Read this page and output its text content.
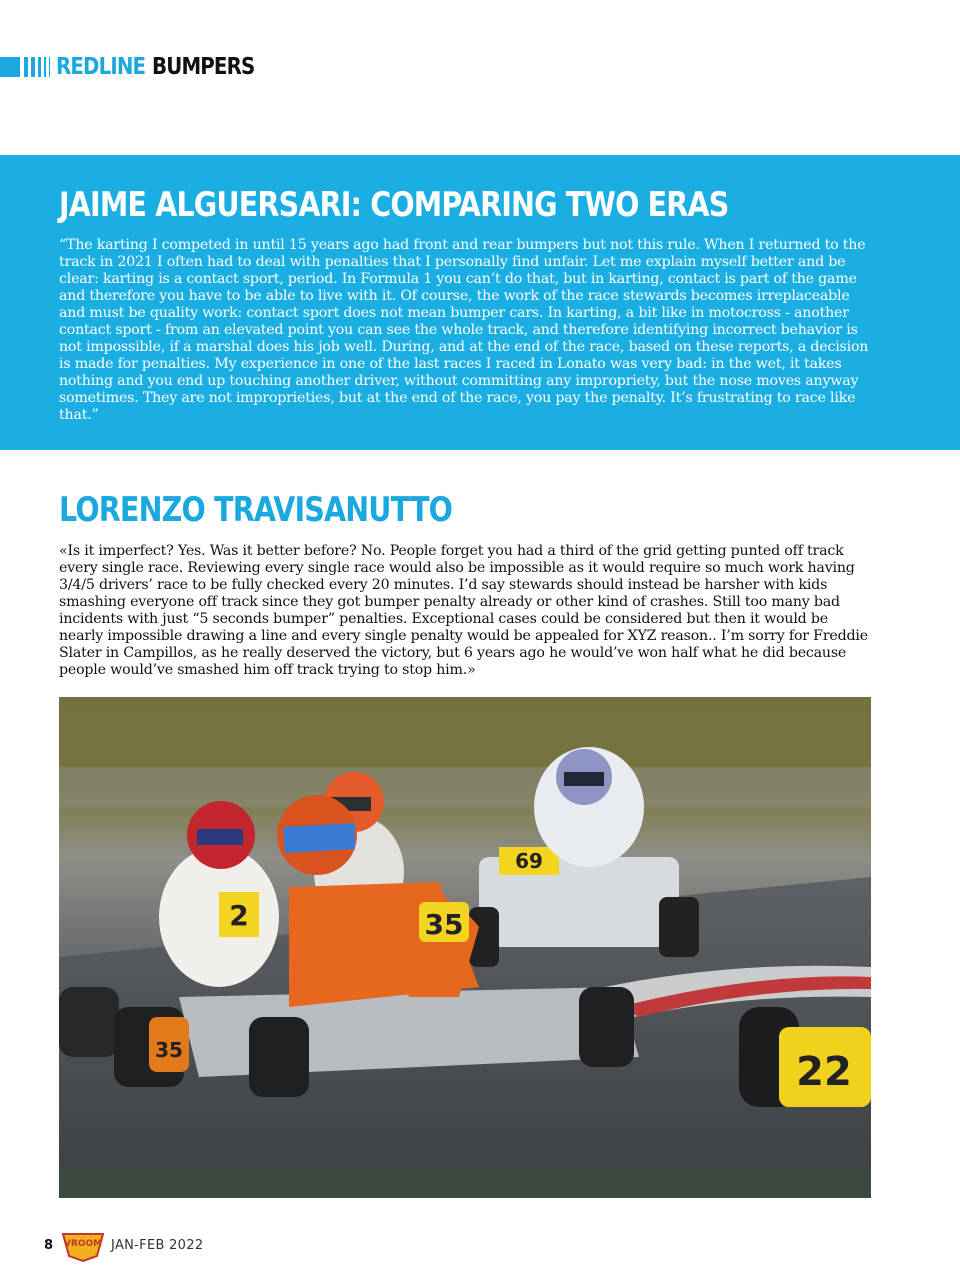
REDLINE BUMPERS
JAIME ALGUERSARI: COMPARING TWO ERAS

“The karting I competed in until 15 years ago had front and rear bumpers but not this rule. When I returned to the track in 2021 I often had to deal with penalties that I personally find unfair. Let me explain myself better and be clear: karting is a contact sport, period. In Formula 1 you can’t do that, but in karting, contact is part of the game and therefore you have to be able to live with it. Of course, the work of the race stewards becomes irreplaceable and must be quality work: contact sport does not mean bumper cars. In karting, a bit like in motocross - another contact sport - from an elevated point you can see the whole track, and therefore identifying incorrect behavior is not impossible, if a marshal does his job well. During, and at the end of the race, based on these reports, a decision is made for penalties. My experience in one of the last races I raced in Lonato was very bad: in the wet, it takes nothing and you end up touching another driver, without committing any impropriety, but the nose moves anyway sometimes. They are not improprieties, but at the end of the race, you pay the penalty. It’s frustrating to race like that.”

LORENZO TRAVISANUTTO

«Is it imperfect? Yes. Was it better before? No. People forget you had a third of the grid getting punted off track every single race. Reviewing every single race would also be impossible as it would require so much work having 3/4/5 drivers’ race to be fully checked every 20 minutes. I’d say stewards should instead be harsher with kids smashing everyone off track since they got bumper penalty already or other kind of crashes. Still too many bad incidents with just “5 seconds bumper” penalties. Exceptional cases could be considered but then it would be nearly impossible drawing a line and every single penalty would be appealed for XYZ reason.. I’m sorry for Freddie Slater in Campillos, as he really deserved the victory, but 6 years ago he would’ve won half what he did because people would’ve smashed him off track trying to stop him.»

69
2	35
35	22
8 VROOM JAN-FEB 2022
